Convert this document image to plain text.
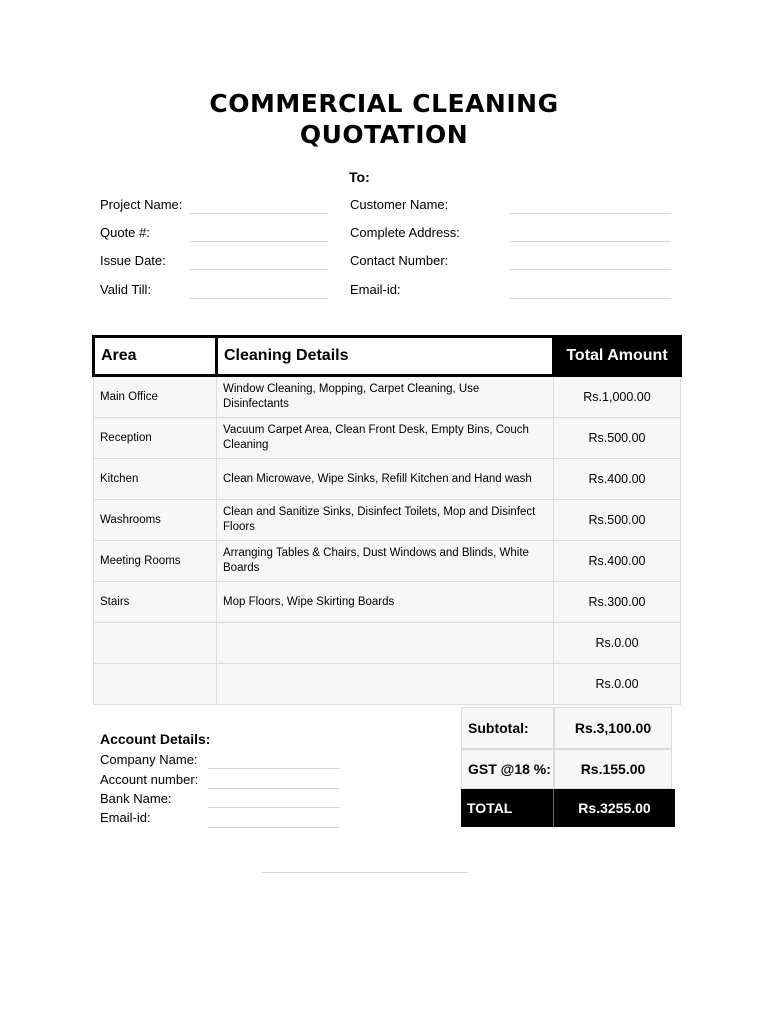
COMMERCIAL CLEANING
QUOTATION
To:
Project Name:
Quote #:
Issue Date:
Valid Till:
Customer Name:
Complete Address:
Contact Number:
Email-id:
Area	Cleaning Details	Total Amount
Main Office	Window Cleaning, Mopping, Carpet Cleaning, Use Disinfectants	Rs.1,000.00
Reception	Vacuum Carpet Area, Clean Front Desk, Empty Bins, Couch Cleaning	Rs.500.00
Kitchen	Clean Microwave, Wipe Sinks, Refill Kitchen and Hand wash	Rs.400.00
Washrooms	Clean and Sanitize Sinks, Disinfect Toilets, Mop and Disinfect Floors	Rs.500.00
Meeting Rooms	Arranging Tables & Chairs, Dust Windows and Blinds, White Boards	Rs.400.00
Stairs	Mop Floors, Wipe Skirting Boards	Rs.300.00
		Rs.0.00
		Rs.0.00
Subtotal:	Rs.3,100.00
GST @18 %:	Rs.155.00
TOTAL	Rs.3255.00
Account Details:
Company Name:
Account number:
Bank Name:
Email-id:
